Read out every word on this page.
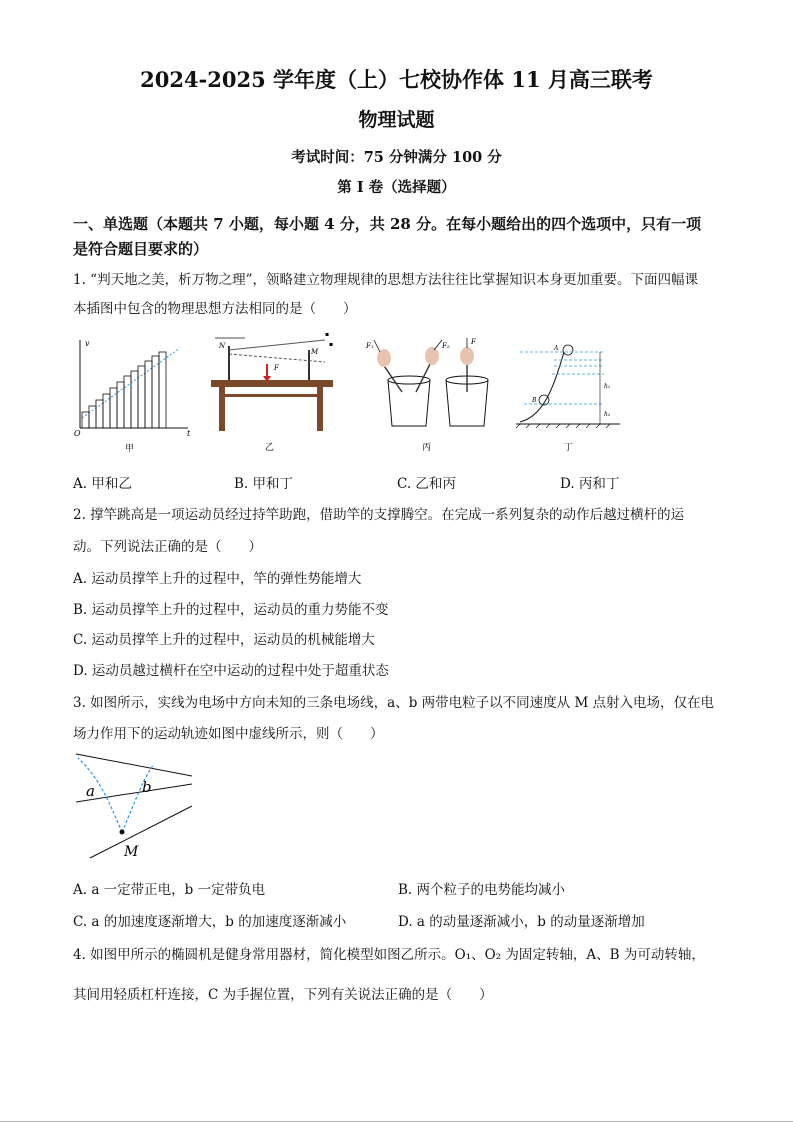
2024-2025 学年度（上）七校协作体 11 月高三联考
物理试题
考试时间：75 分钟满分 100 分
第 I 卷（选择题）
一、单选题（本题共 7 小题，每小题 4 分，共 28 分。在每小题给出的四个选项中，只有一项
是符合题目要求的）
1. “判天地之美，析万物之理”，领略建立物理规律的思想方法往往比掌握知识本身更加重要。下面四幅课
本插图中包含的物理思想方法相同的是（　　）
v
t
O
甲
N
M
F
▪
▪
乙
F₁	F₂	F
丙
A
B
h₁
h₂
丁
A. 甲和乙	B. 甲和丁	C. 乙和丙	D. 丙和丁
2. 撑竿跳高是一项运动员经过持竿助跑，借助竿的支撑腾空。在完成一系列复杂的动作后越过横杆的运
动。下列说法正确的是（　　）
A. 运动员撑竿上升的过程中，竿的弹性势能增大
B. 运动员撑竿上升的过程中，运动员的重力势能不变
C. 运动员撑竿上升的过程中，运动员的机械能增大
D. 运动员越过横杆在空中运动的过程中处于超重状态
3. 如图所示，实线为电场中方向未知的三条电场线，a、b 两带电粒子以不同速度从 M 点射入电场，仅在电
场力作用下的运动轨迹如图中虚线所示，则（　　）
a	b
M
A. a 一定带正电，b 一定带负电	B. 两个粒子的电势能均减小
C. a 的加速度逐渐增大，b 的加速度逐渐减小	D. a 的动量逐渐减小，b 的动量逐渐增加
4. 如图甲所示的椭圆机是健身常用器材，简化模型如图乙所示。O₁、O₂ 为固定转轴，A、B 为可动转轴，
其间用轻质杠杆连接，C 为手握位置，下列有关说法正确的是（　　）
